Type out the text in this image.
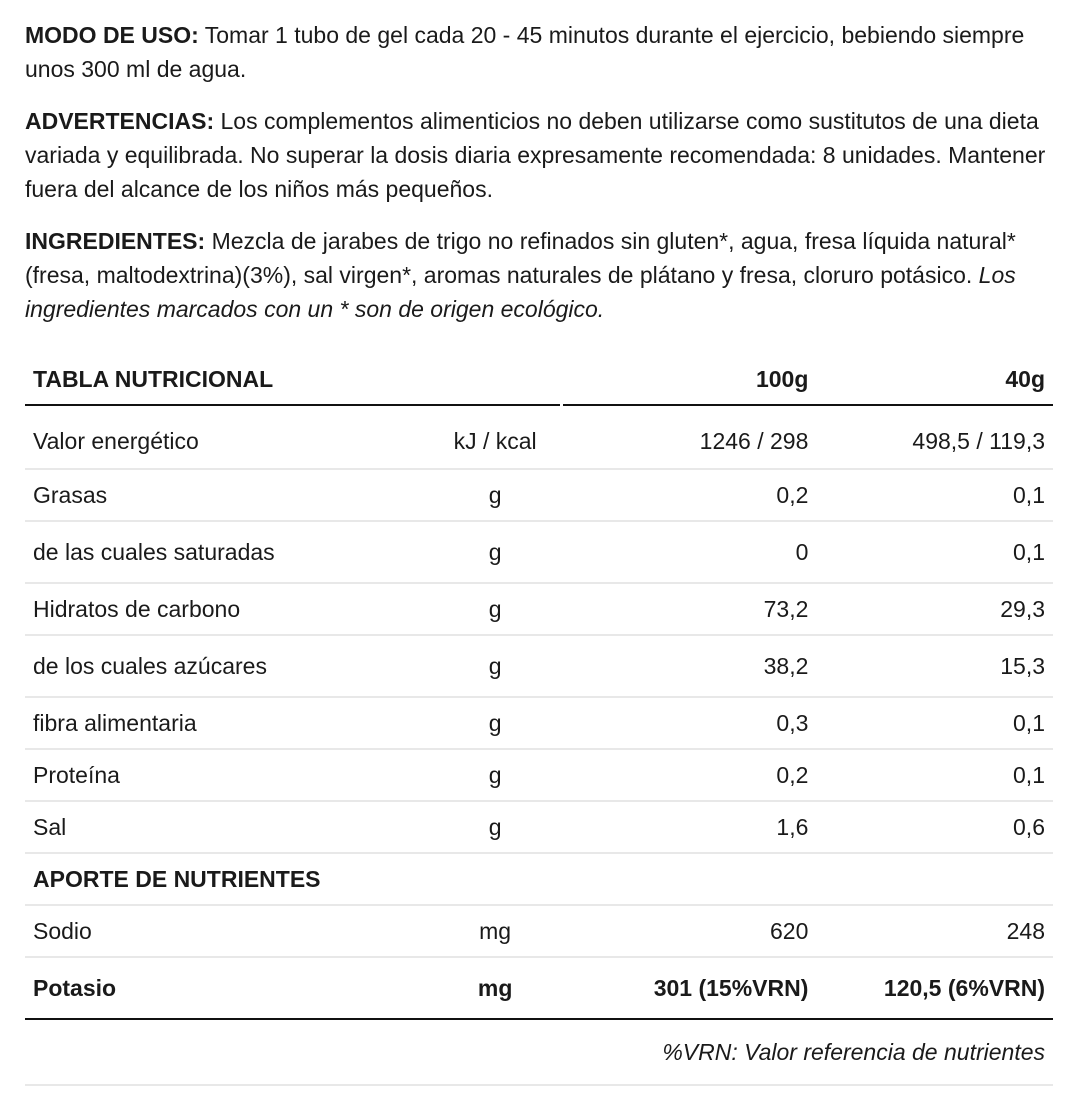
MODO DE USO: Tomar 1 tubo de gel cada 20 - 45 minutos durante el ejercicio, bebiendo siempre unos 300 ml de agua.

ADVERTENCIAS: Los complementos alimenticios no deben utilizarse como sustitutos de una dieta variada y equilibrada. No superar la dosis diaria expresamente recomendada: 8 unidades. Mantener fuera del alcance de los niños más pequeños.

INGREDIENTES: Mezcla de jarabes de trigo no refinados sin gluten*, agua, fresa líquida natural* (fresa, maltodextrina)(3%), sal virgen*, aromas naturales de plátano y fresa, cloruro potásico. Los ingredientes marcados con un * son de origen ecológico.

TABLA NUTRICIONAL		100g	40g

Valor energético	kJ / kcal	1246 / 298	498,5 / 119,3
Grasas	g	0,2	0,1
de las cuales saturadas	g	0	0,1
Hidratos de carbono	g	73,2	29,3
de los cuales azúcares	g	38,2	15,3
fibra alimentaria	g	0,3	0,1
Proteína	g	0,2	0,1
Sal	g	1,6	0,6
APORTE DE NUTRIENTES			
Sodio	mg	620	248
Potasio	mg	301 (15%VRN)	120,5 (6%VRN)
%VRN: Valor referencia de nutrientes			
